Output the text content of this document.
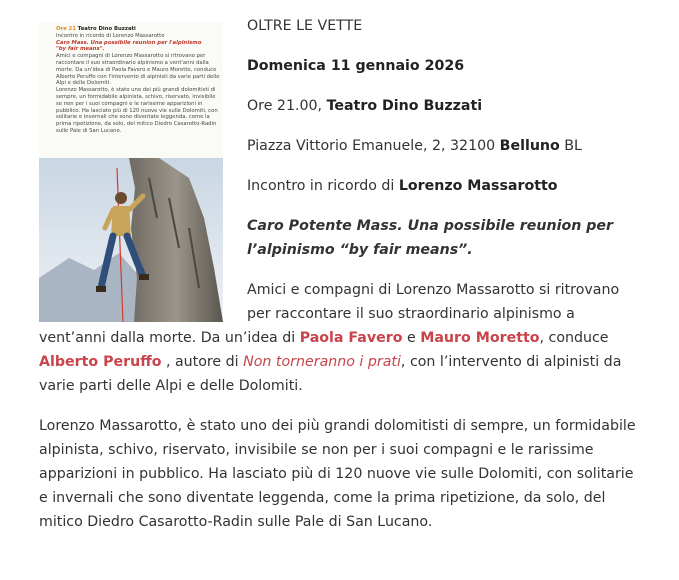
Ore 21 Teatro Dino Buzzati
Incontro in ricordo di Lorenzo Massarotto
Caro Mass. Una possibile reunion per l'alpinismo
"by fair means".
Amici e compagni di Lorenzo Massarotto si ritrovano per raccontare il suo straordinario alpinismo a vent'anni dalla morte. Da un'idea di Paola Favero e Mauro Moretto, conduce Alberto Peruffo con l'intervento di alpinisti da varie parti delle Alpi e delle Dolomiti.
Lorenzo Massarotto, è stato uno dei più grandi dolomitisti di sempre, un formidabile alpinista, schivo, riservato, invisibile se non per i suoi compagni e le rarissime apparizioni in pubblico. Ha lasciato più di 120 nuove vie sulle Dolomiti, con solitarie e invernali che sono diventate leggenda, come la prima ripetizione, da solo, del mitico Diedro Casarotto-Radin sulle Pale di San Lucano.

OLTRE LE VETTE

Domenica 11 gennaio 2026

Ore 21.00, Teatro Dino Buzzati

Piazza Vittorio Emanuele, 2, 32100 Belluno BL

Incontro in ricordo di Lorenzo Massarotto

Caro Potente Mass. Una possibile reunion per l’alpinismo “by fair means”.

Amici e compagni di Lorenzo Massarotto si ritrovano per raccontare il suo straordinario alpinismo a vent’anni dalla morte. Da un’idea di Paola Favero e Mauro Moretto, conduce Alberto Peruffo , autore di Non torneranno i prati, con l’intervento di alpinisti da varie parti delle Alpi e delle Dolomiti.

Lorenzo Massarotto, è stato uno dei più grandi dolomitisti di sempre, un formidabile alpinista, schivo, riservato, invisibile se non per i suoi compagni e le rarissime apparizioni in pubblico. Ha lasciato più di 120 nuove vie sulle Dolomiti, con solitarie e invernali che sono diventate leggenda, come la prima ripetizione, da solo, del mitico Diedro Casarotto-Radin sulle Pale di San Lucano.
